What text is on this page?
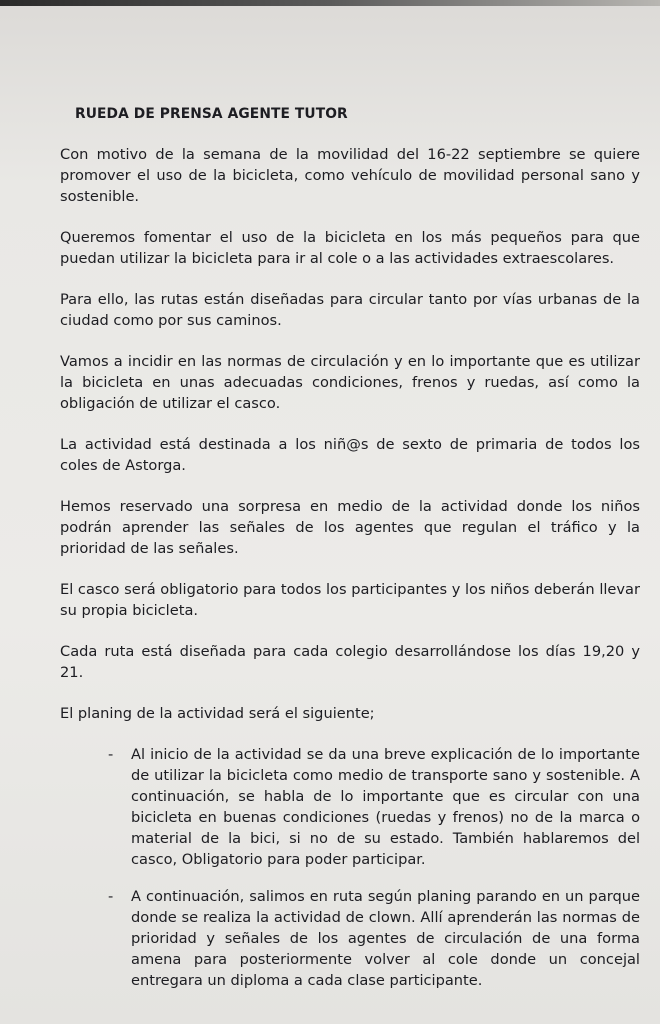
RUEDA DE PRENSA AGENTE TUTOR

Con motivo de la semana de la movilidad del 16-22 septiembre se quiere promover el uso de la bicicleta, como vehículo de movilidad personal sano y sostenible.

Queremos fomentar el uso de la bicicleta en los más pequeños para que puedan utilizar la bicicleta para ir al cole o a las actividades extraescolares.

Para ello, las rutas están diseñadas para circular tanto por vías urbanas de la ciudad como por sus caminos.

Vamos a incidir en las normas de circulación y en lo importante que es utilizar la bicicleta en unas adecuadas condiciones, frenos y ruedas, así como la obligación de utilizar el casco.

La actividad está destinada a los niñ@s de sexto de primaria de todos los coles de Astorga.

Hemos reservado una sorpresa en medio de la actividad donde los niños podrán aprender las señales de los agentes que regulan el tráfico y la prioridad de las señales.

El casco será obligatorio para todos los participantes y los niños deberán llevar su propia bicicleta.

Cada ruta está diseñada para cada colegio desarrollándose los días 19,20 y 21.

El planing de la actividad será el siguiente;

- Al inicio de la actividad se da una breve explicación de lo importante de utilizar la bicicleta como medio de transporte sano y sostenible. A continuación, se habla de lo importante que es circular con una bicicleta en buenas condiciones (ruedas y frenos) no de la marca o material de la bici, si no de su estado. También hablaremos del casco, Obligatorio para poder participar.
- A continuación, salimos en ruta según planing parando en un parque donde se realiza la actividad de clown. Allí aprenderán las normas de prioridad y señales de los agentes de circulación de una forma amena para posteriormente volver al cole donde un concejal entregara un diploma a cada clase participante.
